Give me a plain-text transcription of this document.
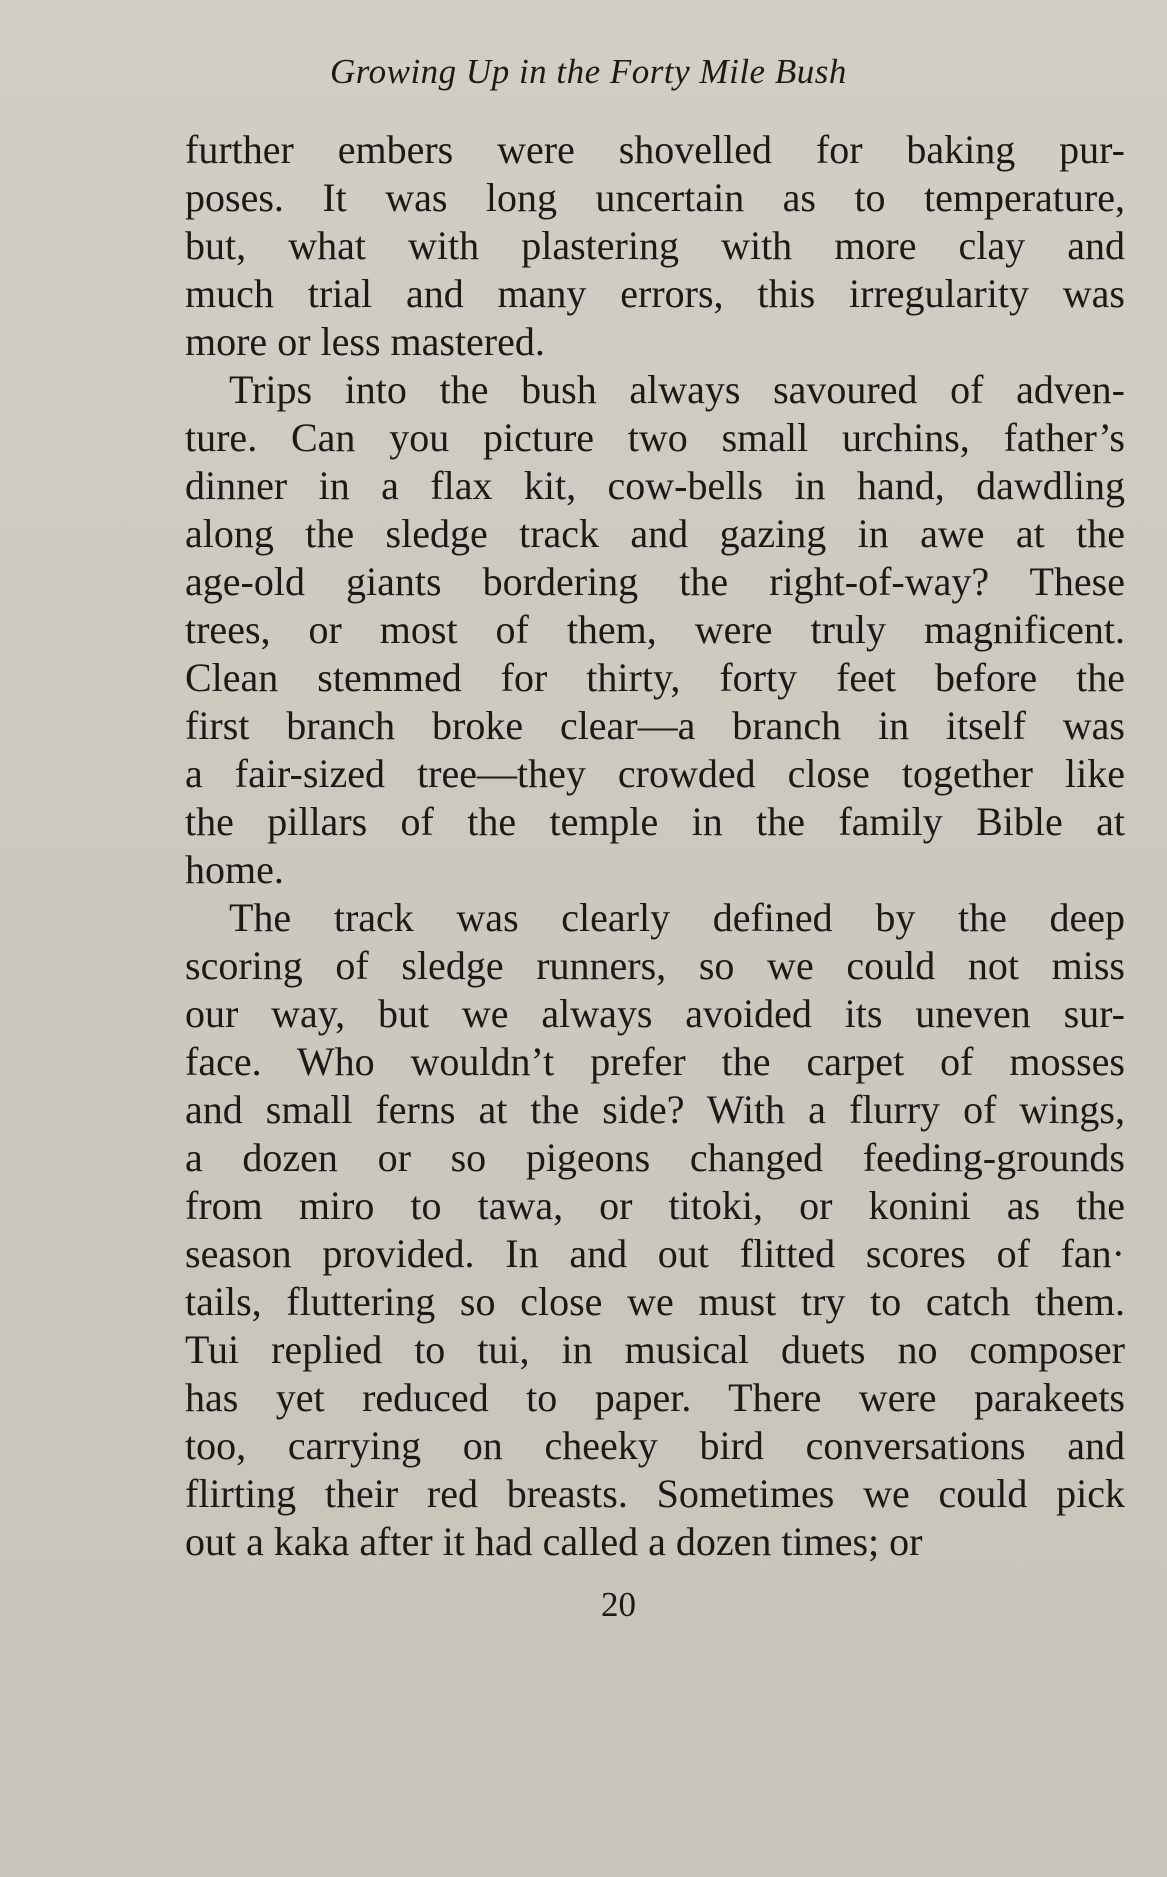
Growing Up in the Forty Mile Bush
further embers were shovelled for baking pur-
poses. It was long uncertain as to temperature,
but, what with plastering with more clay and
much trial and many errors, this irregularity was
more or less mastered.
Trips into the bush always savoured of adven-
ture. Can you picture two small urchins, father’s
dinner in a flax kit, cow-bells in hand, dawdling
along the sledge track and gazing in awe at the
age-old giants bordering the right-of-way? These
trees, or most of them, were truly magnificent.
Clean stemmed for thirty, forty feet before the
first branch broke clear—a branch in itself was
a fair-sized tree—they crowded close together like
the pillars of the temple in the family Bible at
home.
The track was clearly defined by the deep
scoring of sledge runners, so we could not miss
our way, but we always avoided its uneven sur-
face. Who wouldn’t prefer the carpet of mosses
and small ferns at the side? With a flurry of wings,
a dozen or so pigeons changed feeding-grounds
from miro to tawa, or titoki, or konini as the
season provided. In and out flitted scores of fan·
tails, fluttering so close we must try to catch them.
Tui replied to tui, in musical duets no composer
has yet reduced to paper. There were parakeets
too, carrying on cheeky bird conversations and
flirting their red breasts. Sometimes we could pick
out a kaka after it had called a dozen times; or
20
